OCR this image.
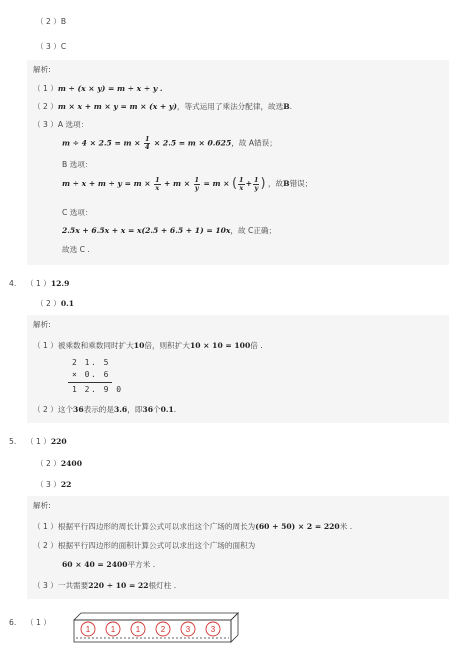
（ 2 ）B
（ 3 ）C
解析:
（ 1 ）m ÷ (x × y) = m ÷ x ÷ y .
（ 2 ）m × x + m × y = m × (x + y)，等式运用了乘法分配律，故选B.
（ 3 ）A 选项：
$m \div 4 \times 2.5 = m \times \frac{1}{4} \times 2.5 = m \times 0.625$，故 A错误；
B 选项：
$m \div x + m \div y = m \times \frac{1}{x} + m \times \frac{1}{y} = m$ × ( $\frac{1}{x} + \frac{1}{y}$ ) ，故B错误；
C 选项：
2.5x + 6.5x + x = x(2.5 + 6.5 + 1) = 10x，故 C正确；
故选 C .
4. （ 1 ）12.9
（ 2 ）0.1
解析:
（ 1 ）被乘数和乘数同时扩大10倍，则积扩大10 × 10 = 100倍 .
2 1. 5
× 0. 6
1 2. 9 0
（ 2 ）这个36表示的是3.6，即36个0.1.
5. （ 1 ）220
（ 2 ）2400
（ 3 ）22
解析:
（ 1 ）根据平行四边形的周长计算公式可以求出这个广场的周长为(60 + 50) × 2 = 220米 .
（ 2 ）根据平行四边形的面积计算公式可以求出这个广场的面积为
60 × 40 = 2400平方米 .
（ 3 ）一共需要220 ÷ 10 = 22根灯柱 .
6. （ 1 ）
1	1	1	2	3	3
